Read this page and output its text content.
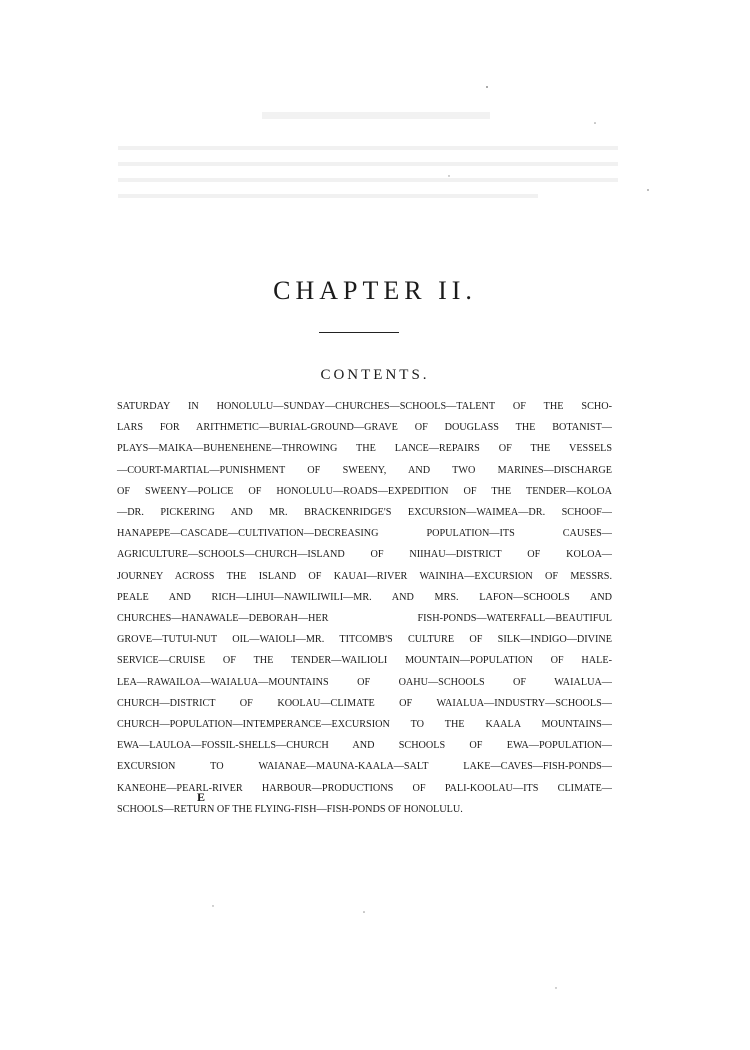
CHAPTER II.
CONTENTS.
SATURDAY IN HONOLULU—SUNDAY—CHURCHES—SCHOOLS—TALENT OF THE SCHO-
LARS FOR ARITHMETIC—BURIAL-GROUND—GRAVE OF DOUGLASS THE BOTANIST—
PLAYS—MAIKA—BUHENEHENE—THROWING THE LANCE—REPAIRS OF THE VESSELS
—COURT-MARTIAL—PUNISHMENT OF SWEENY, AND TWO MARINES—DISCHARGE
OF SWEENY—POLICE OF HONOLULU—ROADS—EXPEDITION OF THE TENDER—KOLOA
—DR. PICKERING AND MR. BRACKENRIDGE'S EXCURSION—WAIMEA—DR. SCHOOF—
HANAPEPE—CASCADE—CULTIVATION—DECREASING POPULATION—ITS CAUSES—
AGRICULTURE—SCHOOLS—CHURCH—ISLAND OF NIIHAU—DISTRICT OF KOLOA—
JOURNEY ACROSS THE ISLAND OF KAUAI—RIVER WAINIHA—EXCURSION OF MESSRS.
PEALE AND RICH—LIHUI—NAWILIWILI—MR. AND MRS. LAFON—SCHOOLS AND
CHURCHES—HANAWALE—DEBORAH—HER FISH-PONDS—WATERFALL—BEAUTIFUL
GROVE—TUTUI-NUT OIL—WAIOLI—MR. TITCOMB'S CULTURE OF SILK—INDIGO—DIVINE
SERVICE—CRUISE OF THE TENDER—WAILIOLI MOUNTAIN—POPULATION OF HALE-
LEA—RAWAILOA—WAIALUA—MOUNTAINS OF OAHU—SCHOOLS OF WAIALUA—
CHURCH—DISTRICT OF KOOLAU—CLIMATE OF WAIALUA—INDUSTRY—SCHOOLS—
CHURCH—POPULATION—INTEMPERANCE—EXCURSION TO THE KAALA MOUNTAINS—
EWA—LAULOA—FOSSIL-SHELLS—CHURCH AND SCHOOLS OF EWA—POPULATION—
EXCURSION TO WAIANAE—MAUNA-KAALA—SALT LAKE—CAVES—FISH-PONDS—
KANEOHE—PEARL-RIVER HARBOUR—PRODUCTIONS OF PALI-KOOLAU—ITS CLIMATE—
SCHOOLS—RETURN OF THE FLYING-FISH—FISH-PONDS OF HONOLULU.
E
